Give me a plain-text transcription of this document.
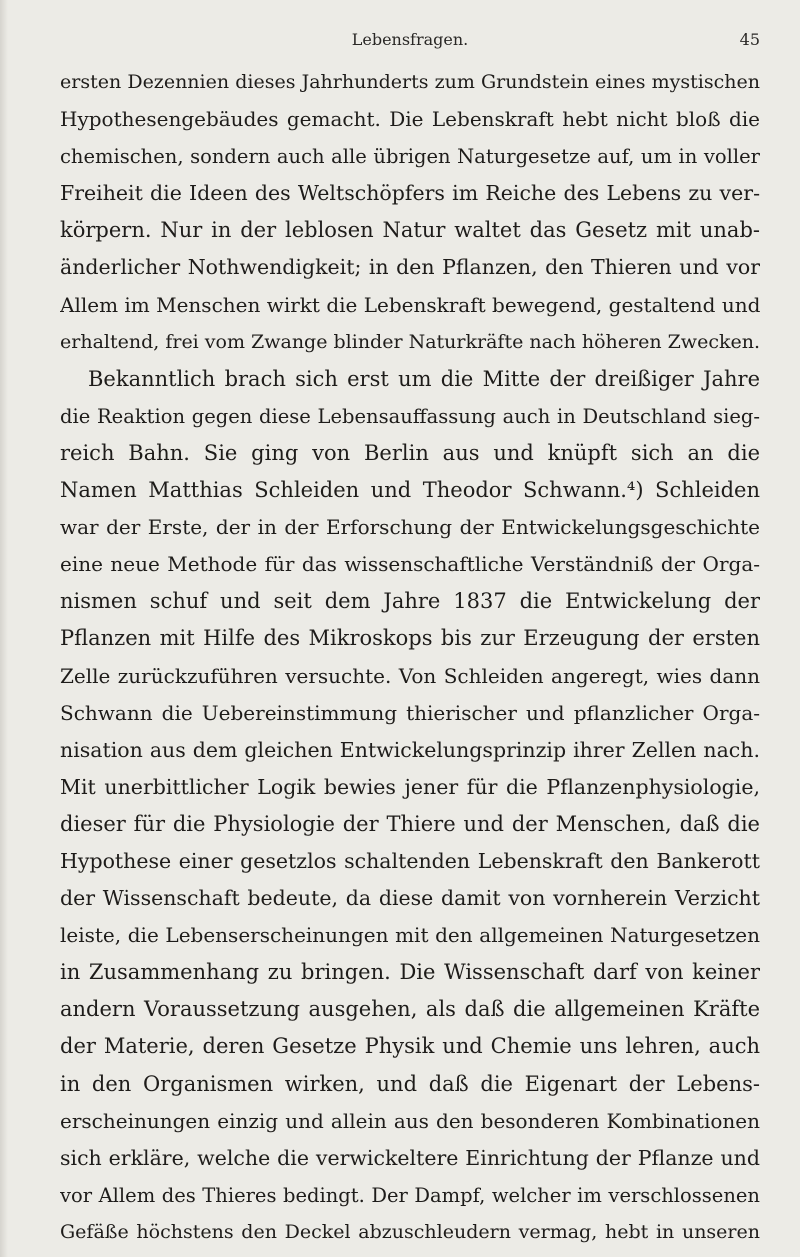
Lebensfragen.	45
ersten Dezennien dieses Jahrhunderts zum Grundstein eines mystischen
Hypothesengebäudes gemacht. Die Lebenskraft hebt nicht bloß die
chemischen, sondern auch alle übrigen Naturgesetze auf, um in voller
Freiheit die Ideen des Weltschöpfers im Reiche des Lebens zu ver-
körpern. Nur in der leblosen Natur waltet das Gesetz mit unab-
änderlicher Nothwendigkeit; in den Pflanzen, den Thieren und vor
Allem im Menschen wirkt die Lebenskraft bewegend, gestaltend und
erhaltend, frei vom Zwange blinder Naturkräfte nach höheren Zwecken.
Bekanntlich brach sich erst um die Mitte der dreißiger Jahre
die Reaktion gegen diese Lebensauffassung auch in Deutschland sieg-
reich Bahn. Sie ging von Berlin aus und knüpft sich an die
Namen Matthias Schleiden und Theodor Schwann.⁴) Schleiden
war der Erste, der in der Erforschung der Entwickelungsgeschichte
eine neue Methode für das wissenschaftliche Verständniß der Orga-
nismen schuf und seit dem Jahre 1837 die Entwickelung der
Pflanzen mit Hilfe des Mikroskops bis zur Erzeugung der ersten
Zelle zurückzuführen versuchte. Von Schleiden angeregt, wies dann
Schwann die Uebereinstimmung thierischer und pflanzlicher Orga-
nisation aus dem gleichen Entwickelungsprinzip ihrer Zellen nach.
Mit unerbittlicher Logik bewies jener für die Pflanzenphysiologie,
dieser für die Physiologie der Thiere und der Menschen, daß die
Hypothese einer gesetzlos schaltenden Lebenskraft den Bankerott
der Wissenschaft bedeute, da diese damit von vornherein Verzicht
leiste, die Lebenserscheinungen mit den allgemeinen Naturgesetzen
in Zusammenhang zu bringen. Die Wissenschaft darf von keiner
andern Voraussetzung ausgehen, als daß die allgemeinen Kräfte
der Materie, deren Gesetze Physik und Chemie uns lehren, auch
in den Organismen wirken, und daß die Eigenart der Lebens-
erscheinungen einzig und allein aus den besonderen Kombinationen
sich erkläre, welche die verwickeltere Einrichtung der Pflanze und
vor Allem des Thieres bedingt. Der Dampf, welcher im verschlossenen
Gefäße höchstens den Deckel abzuschleudern vermag, hebt in unseren
